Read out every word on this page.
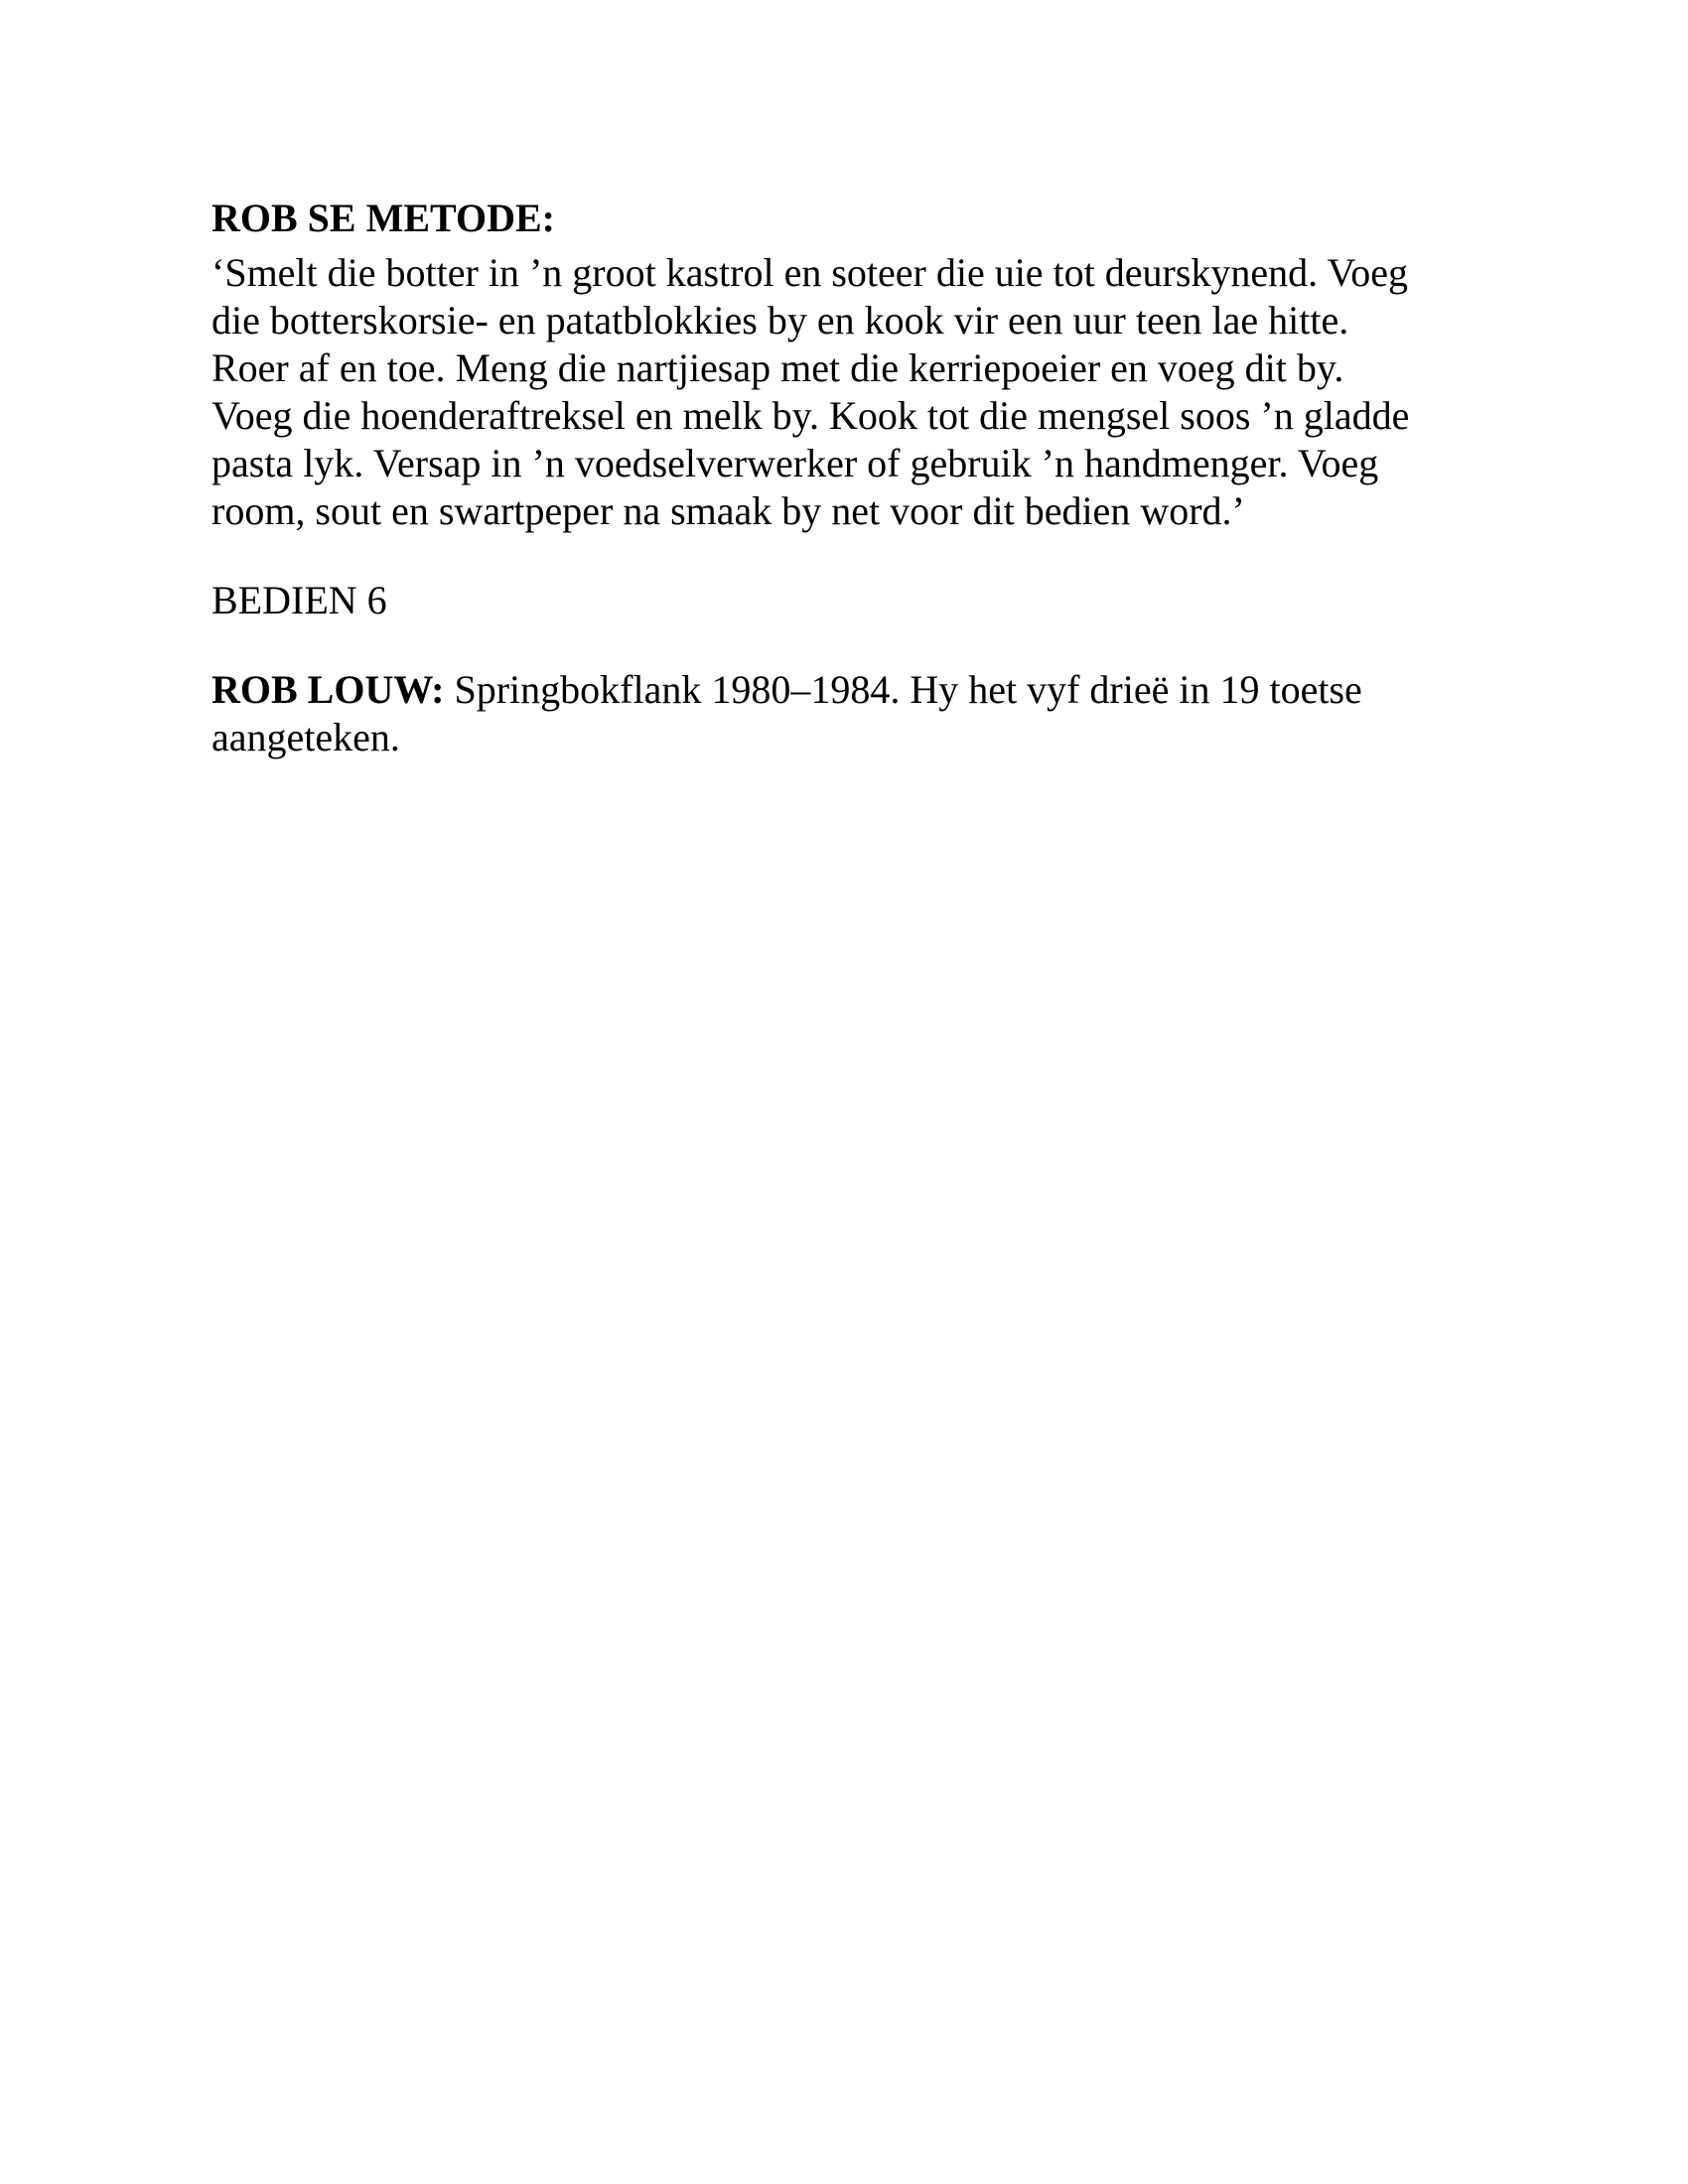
ROB SE METODE:

‘Smelt die botter in ’n groot kastrol en soteer die uie tot deurskynend. Voeg
die botterskorsie- en patatblokkies by en kook vir een uur teen lae hitte.
Roer af en toe. Meng die nartjiesap met die kerriepoeier en voeg dit by.
Voeg die hoenderaftreksel en melk by. Kook tot die mengsel soos ’n gladde
pasta lyk. Versap in ’n voedselverwerker of gebruik ’n handmenger. Voeg
room, sout en swartpeper na smaak by net voor dit bedien word.’

BEDIEN 6

ROB LOUW: Springbokflank 1980–1984. Hy het vyf drieë in 19 toetse
aangeteken.
